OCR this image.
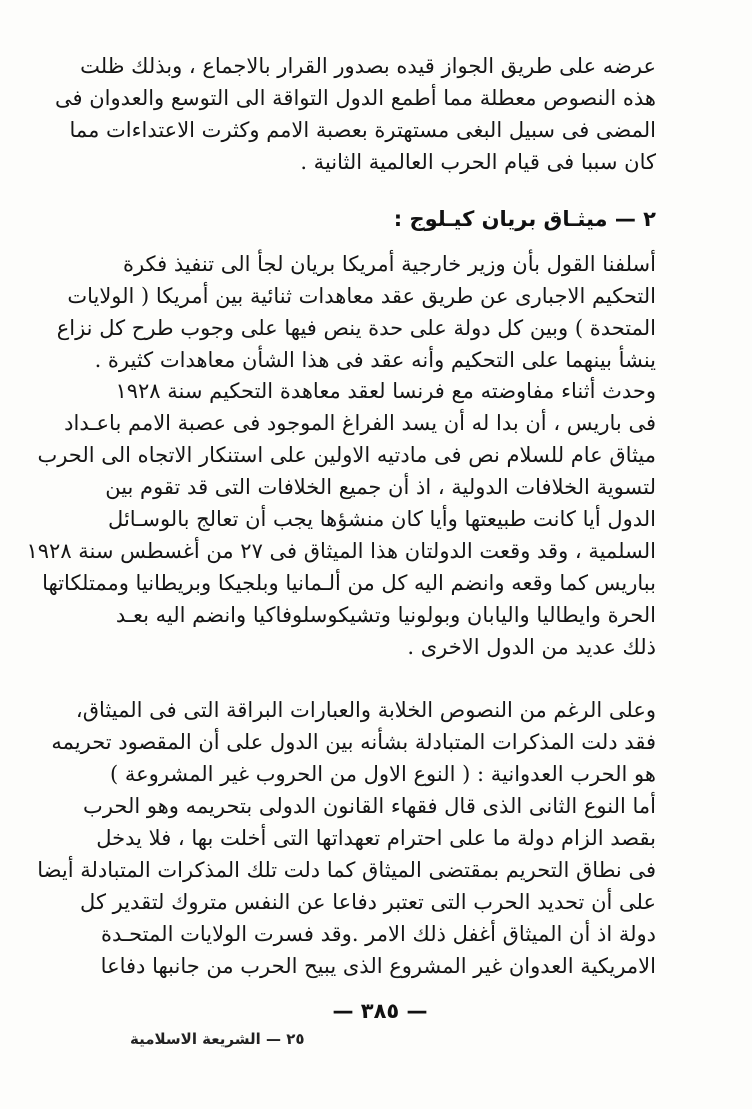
عرضه على طريق الجواز قيده بصدور القرار بالاجماع ، وبذلك ظلت
هذه النصوص معطلة مما أطمع الدول التواقة الى التوسع والعدوان فى
المضى فى سبيل البغى مستهترة بعصبة الامم وكثرت الاعتداءات مما
كان سببا فى قيام الحرب العالمية الثانية .

٢ — ميثـاق بريان كيـلوج :

أسلفنا القول بأن وزير خارجية أمريكا بريان لجأ الى تنفيذ فكرة
التحكيم الاجبارى عن طريق عقد معاهدات ثنائية بين أمريكا ( الولايات
المتحدة ) وبين كل دولة على حدة ينص فيها على وجوب طرح كل نزاع
ينشأ بينهما على التحكيم وأنه عقد فى هذا الشأن معاهدات كثيرة .

وحدث أثناء مفاوضته مع فرنسا لعقد معاهدة التحكيم سنة ١٩٢٨
فى باريس ، أن بدا له أن يسد الفراغ الموجود فى عصبة الامم باعـداد
ميثاق عام للسلام نص فى مادتيه الاولين على استنكار الاتجاه الى الحرب
لتسوية الخلافات الدولية ، اذ أن جميع الخلافات التى قد تقوم بين
الدول أيا كانت طبيعتها وأيا كان منشؤها يجب أن تعالج بالوسـائل
السلمية ، وقد وقعت الدولتان هذا الميثاق فى ٢٧ من أغسطس سنة ١٩٢٨
بباريس كما وقعه وانضم اليه كل من ألـمانيا وبلجيكا وبريطانيا وممتلكاتها
الحرة وايطاليا واليابان وبولونيا وتشيكوسلوفاكيا وانضم اليه بعـد
ذلك عديد من الدول الاخرى .

وعلى الرغم من النصوص الخلابة والعبارات البراقة التى فى الميثاق،
فقد دلت المذكرات المتبادلة بشأنه بين الدول على أن المقصود تحريمه
هو الحرب العدوانية : ( النوع الاول من الحروب غير المشروعة )
أما النوع الثانى الذى قال فقهاء القانون الدولى بتحريمه وهو الحرب
بقصد الزام دولة ما على احترام تعهداتها التى أخلت بها ، فلا يدخل
فى نطاق التحريم بمقتضى الميثاق كما دلت تلك المذكرات المتبادلة أيضا
على أن تحديد الحرب التى تعتبر دفاعا عن النفس متروك لتقدير كل
دولة اذ أن الميثاق أغفل ذلك الامر .وقد فسرت الولايات المتحـدة
الامريكية العدوان غير المشروع الذى يبيح الحرب من جانبها دفاعا

— ٣٨٥ —
٢٥ — الشريعة الاسلامية
